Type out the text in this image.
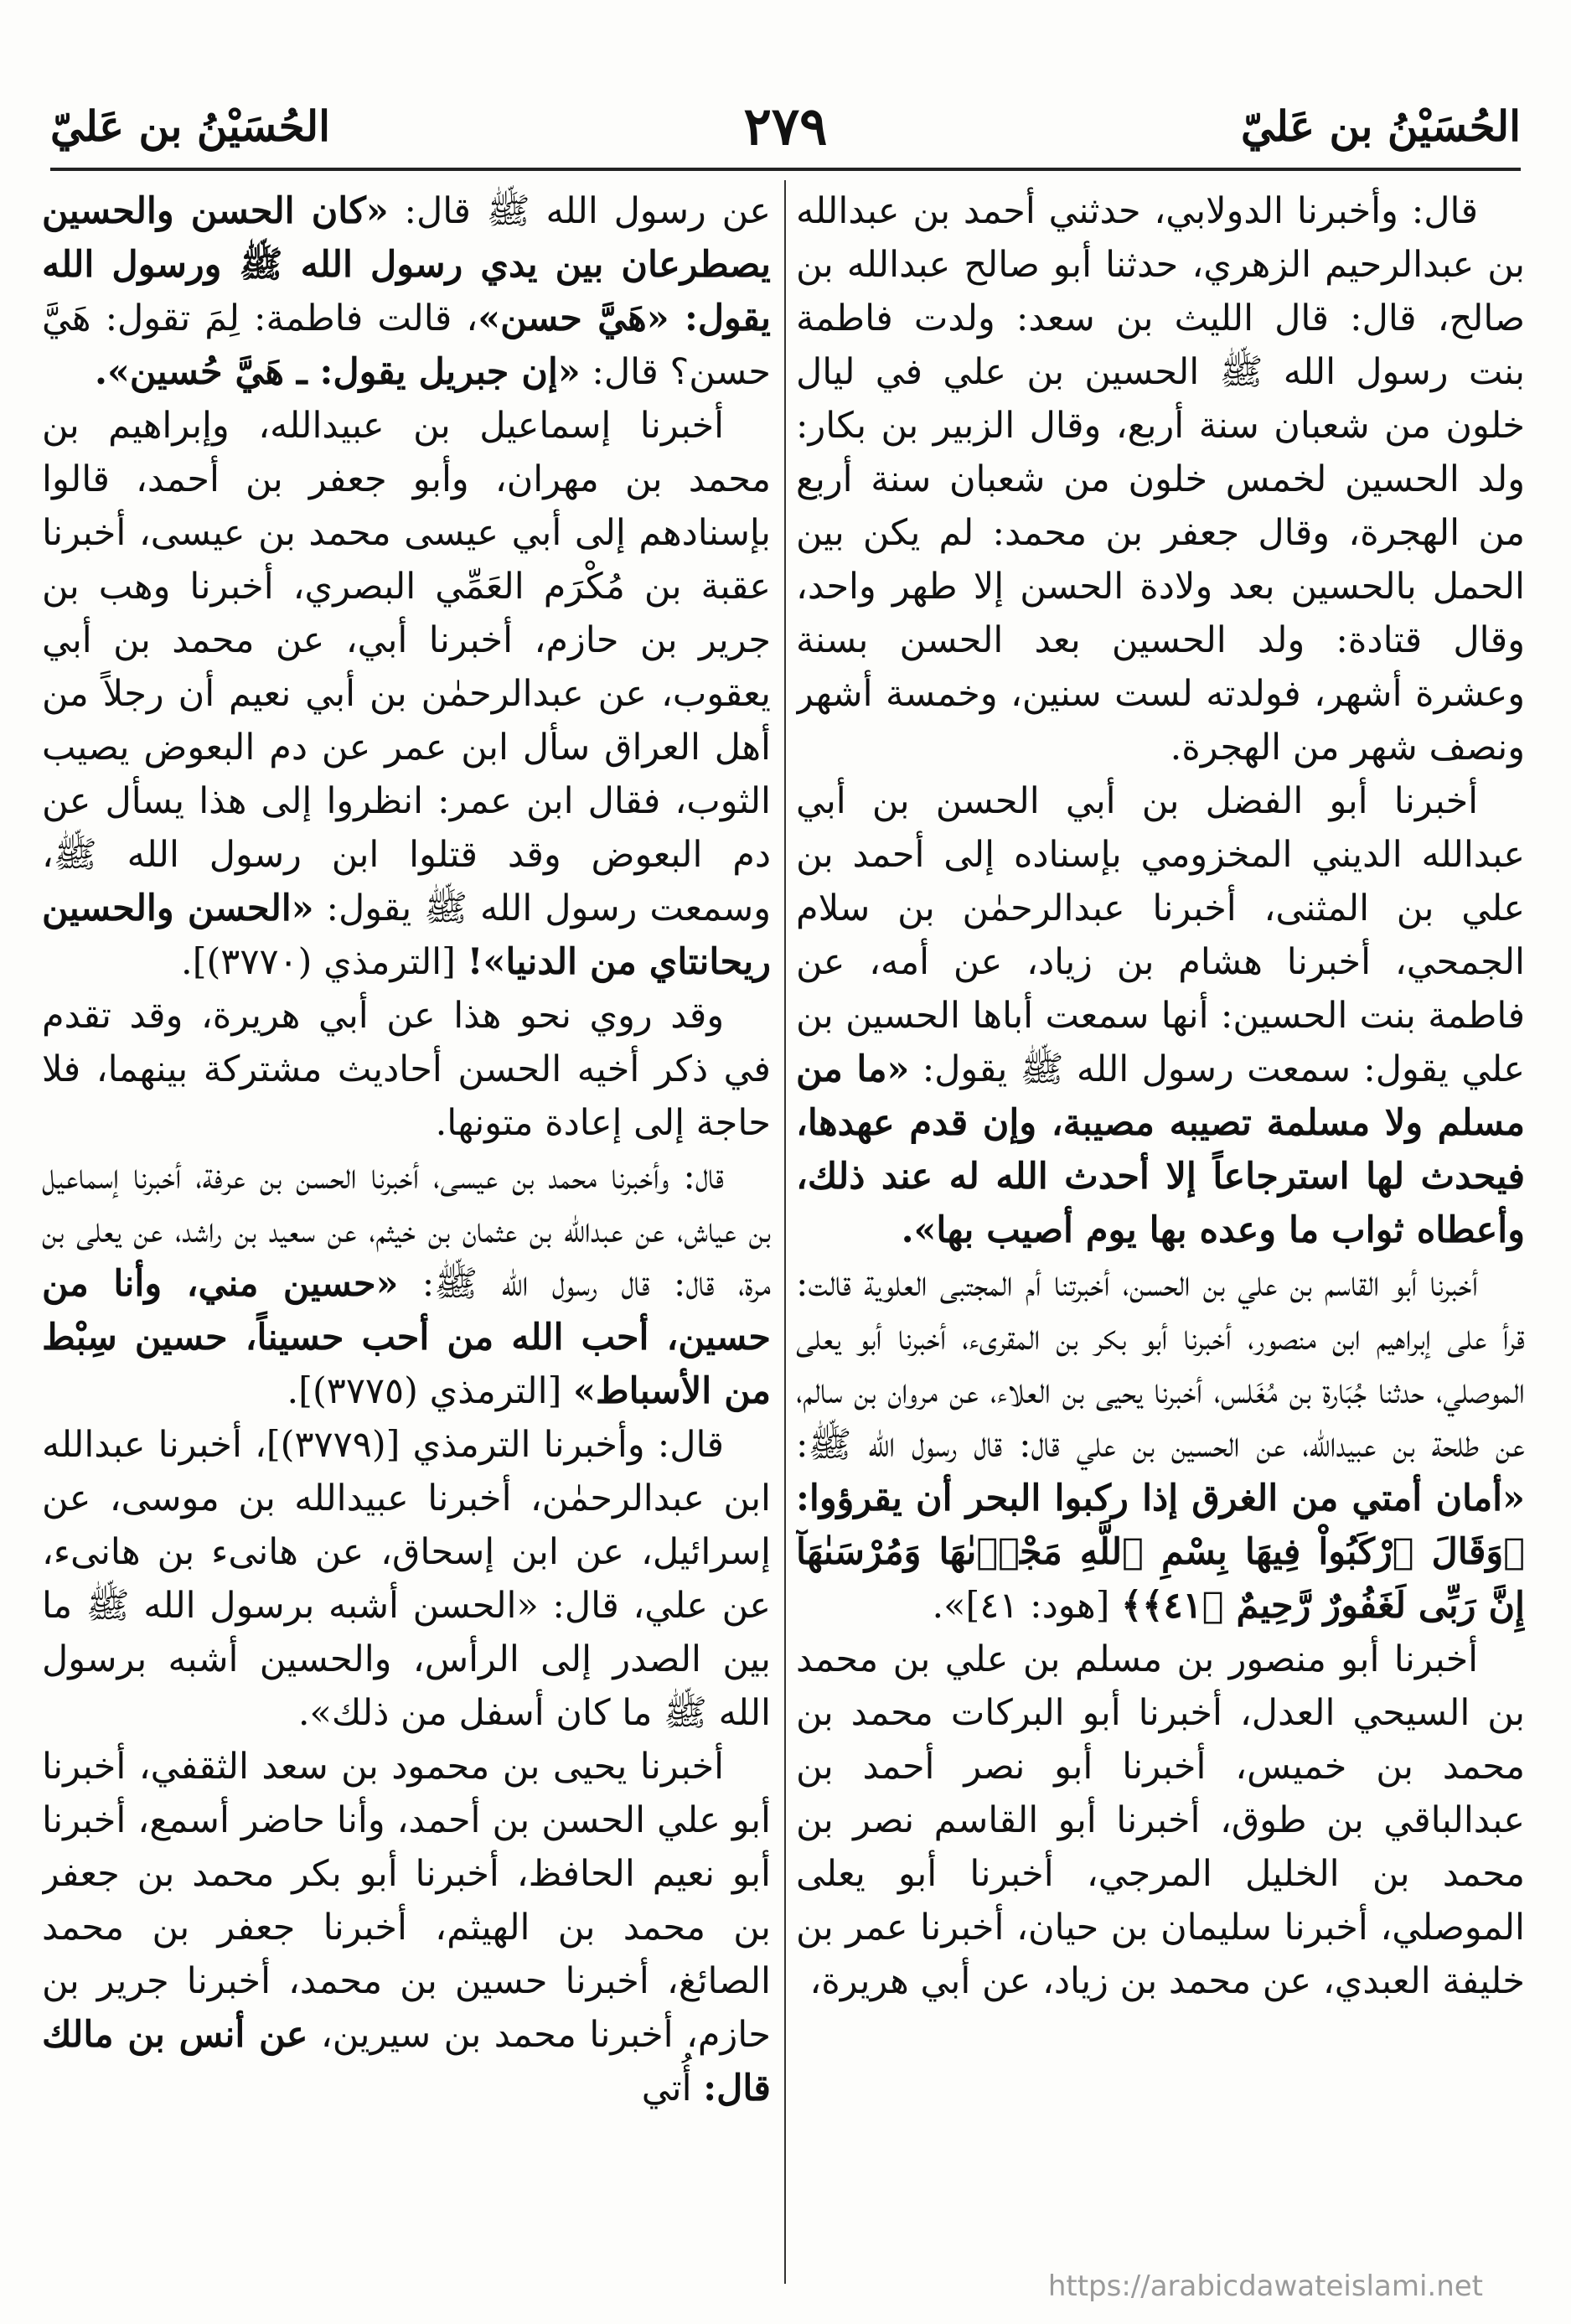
الحُسَيْنُ بن عَليّ
٢٧٩
الحُسَيْنُ بن عَليّ

قال: وأخبرنا الدولابي، حدثني أحمد بن عبدالله بن عبدالرحيم الزهري، حدثنا أبو صالح عبدالله بن صالح، قال: قال الليث بن سعد: ولدت فاطمة بنت رسول الله ﷺ الحسين بن علي في ليال خلون من شعبان سنة أربع، وقال الزبير بن بكار: ولد الحسين لخمس خلون من شعبان سنة أربع من الهجرة، وقال جعفر بن محمد: لم يكن بين الحمل بالحسين بعد ولادة الحسن إلا طهر واحد، وقال قتادة: ولد الحسين بعد الحسن بسنة وعشرة أشهر، فولدته لست سنين، وخمسة أشهر ونصف شهر من الهجرة.

أخبرنا أبو الفضل بن أبي الحسن بن أبي عبدالله الديني المخزومي بإسناده إلى أحمد بن علي بن المثنى، أخبرنا عبدالرحمٰن بن سلام الجمحي، أخبرنا هشام بن زياد، عن أمه، عن فاطمة بنت الحسين: أنها سمعت أباها الحسين بن علي يقول: سمعت رسول الله ﷺ يقول: «ما من مسلم ولا مسلمة تصيبه مصيبة، وإن قدم عهدها، فيحدث لها استرجاعاً إلا أحدث الله له عند ذلك، وأعطاه ثواب ما وعده بها يوم أصيب بها».

أخبرنا أبو القاسم بن علي بن الحسن، أخبرتنا أم المجتبى العلوية قالت: قرأ على إبراهيم ابن منصور، أخبرنا أبو بكر بن المقرىء، أخبرنا أبو يعلى الموصلي، حدثنا جُبَارة بن مُغَلس، أخبرنا يحيى بن العلاء، عن مروان بن سالم، عن طلحة بن عبيدالله، عن الحسين بن علي قال: قال رسول الله ﷺ: «أمان أمتي من الغرق إذا ركبوا البحر أن يقرؤوا: ﴿وَقَالَ ٱرْكَبُواْ فِيهَا بِسْمِ ٱللَّهِ مَجْرٜىٰهَا وَمُرْسَىٰهَآ إِنَّ رَبِّى لَغَفُورٌ رَّحِيمٌ ﴿٤١﴾﴾ [هود: ٤١]».

أخبرنا أبو منصور بن مسلم بن علي بن محمد بن السيحي العدل، أخبرنا أبو البركات محمد بن محمد بن خميس، أخبرنا أبو نصر أحمد بن عبدالباقي بن طوق، أخبرنا أبو القاسم نصر بن محمد بن الخليل المرجي، أخبرنا أبو يعلى الموصلي، أخبرنا سليمان بن حيان، أخبرنا عمر بن خليفة العبدي، عن محمد بن زياد، عن أبي هريرة،

عن رسول الله ﷺ قال: «كان الحسن والحسين يصطرعان بين يدي رسول الله ﷺ ورسول الله يقول: «هَيَّ حسن»، قالت فاطمة: لِمَ تقول: هَيَّ حسن؟ قال: «إن جبريل يقول: ـ هَيَّ حُسين».

أخبرنا إسماعيل بن عبيدالله، وإبراهيم بن محمد بن مهران، وأبو جعفر بن أحمد، قالوا بإسنادهم إلى أبي عيسى محمد بن عيسى، أخبرنا عقبة بن مُكْرَم العَمِّي البصري، أخبرنا وهب بن جرير بن حازم، أخبرنا أبي، عن محمد بن أبي يعقوب، عن عبدالرحمٰن بن أبي نعيم أن رجلاً من أهل العراق سأل ابن عمر عن دم البعوض يصيب الثوب، فقال ابن عمر: انظروا إلى هذا يسأل عن دم البعوض وقد قتلوا ابن رسول الله ﷺ، وسمعت رسول الله ﷺ يقول: «الحسن والحسين ريحانتاي من الدنيا»! [الترمذي (٣٧٧٠)].

وقد روي نحو هذا عن أبي هريرة، وقد تقدم في ذكر أخيه الحسن أحاديث مشتركة بينهما، فلا حاجة إلى إعادة متونها.

قال: وأخبرنا محمد بن عيسى، أخبرنا الحسن بن عرفة، أخبرنا إسماعيل بن عياش، عن عبدالله بن عثمان بن خيثم، عن سعيد بن راشد، عن يعلى بن مرة، قال: قال رسول الله ﷺ: «حسين مني، وأنا من حسين، أحب الله من أحب حسيناً، حسين سِبْط من الأسباط» [الترمذي (٣٧٧٥)].

قال: وأخبرنا الترمذي [(٣٧٧٩)]، أخبرنا عبدالله ابن عبدالرحمٰن، أخبرنا عبيدالله بن موسى، عن إسرائيل، عن ابن إسحاق، عن هانىء بن هانىء، عن علي، قال: «الحسن أشبه برسول الله ﷺ ما بين الصدر إلى الرأس، والحسين أشبه برسول الله ﷺ ما كان أسفل من ذلك».

أخبرنا يحيى بن محمود بن سعد الثقفي، أخبرنا أبو علي الحسن بن أحمد، وأنا حاضر أسمع، أخبرنا أبو نعيم الحافظ، أخبرنا أبو بكر محمد بن جعفر بن محمد بن الهيثم، أخبرنا جعفر بن محمد الصائغ، أخبرنا حسين بن محمد، أخبرنا جرير بن حازم، أخبرنا محمد بن سيرين، عن أنس بن مالك قال: أُتي

https://arabicdawateislami.net
